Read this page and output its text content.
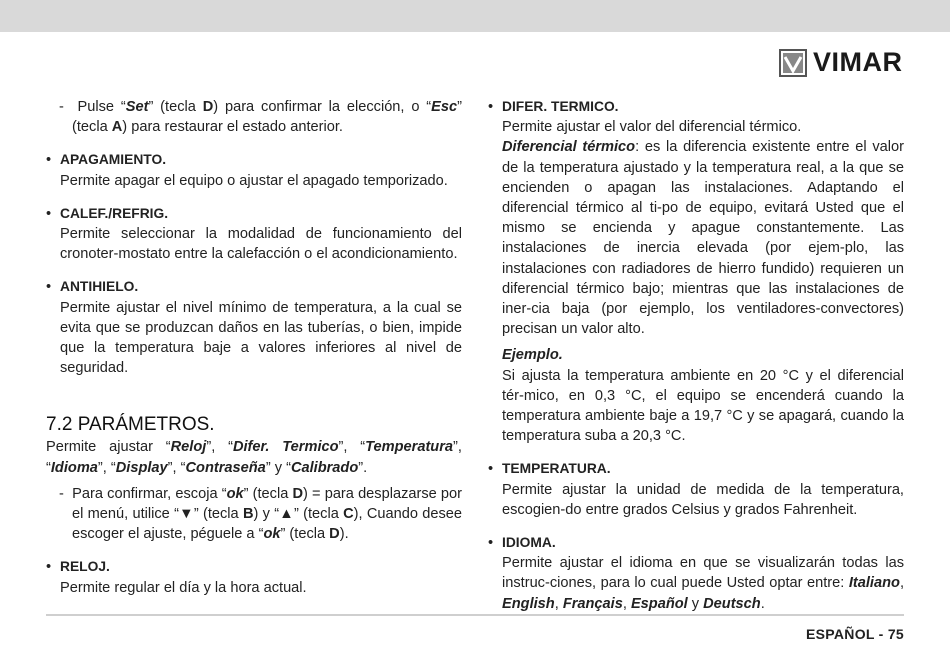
VIMAR

-  Pulse “Set” (tecla D) para confirmar la elección, o “Esc” (tecla A) para restaurar el estado anterior.

• APAGAMIENTO.

Permite apagar el equipo o ajustar el apagado temporizado.

• CALEF./REFRIG.

Permite seleccionar la modalidad de funcionamiento del cronoter-mostato entre la calefacción o el acondicionamiento.

• ANTIHIELO.

Permite ajustar el nivel mínimo de temperatura, a la cual se evita que se produzcan daños en las tuberías, o bien, impide que la temperatura baje a valores inferiores al nivel de seguridad.

7.2 PARÁMETROS.

Permite ajustar “Reloj”, “Difer. Termico”, “Temperatura”, “Idioma”, “Display”, “Contraseña” y “Calibrado”.

-  Para confirmar, escoja “ok” (tecla D) = para desplazarse por el menú, utilice “▼” (tecla B) y “▲” (tecla C), Cuando desee escoger el ajuste, péguele a “ok” (tecla D).

• RELOJ.

Permite regular el día y la hora actual.

• DIFER. TERMICO.

Permite ajustar el valor del diferencial térmico.

Diferencial térmico: es la diferencia existente entre el valor de la temperatura ajustado y la temperatura real, a la que se encienden o apagan las instalaciones. Adaptando el diferencial térmico al ti-po de equipo, evitará Usted que el mismo se encienda y apague constantemente. Las instalaciones de inercia elevada (por ejem-plo, las instalaciones con radiadores de hierro fundido) requieren un diferencial térmico bajo; mientras que las instalaciones de iner-cia baja (por ejemplo, los ventiladores-convectores) precisan un valor alto.

Ejemplo.

Si ajusta la temperatura ambiente en 20 °C y el diferencial tér-mico, en 0,3 °C, el equipo se encenderá cuando la temperatura ambiente baje a 19,7 °C y se apagará, cuando la temperatura suba a 20,3 °C.

• TEMPERATURA.

Permite ajustar la unidad de medida de la temperatura, escogien-do entre grados Celsius y grados Fahrenheit.

• IDIOMA.

Permite ajustar el idioma en que se visualizarán todas las instruc-ciones, para lo cual puede Usted optar entre: Italiano, English, Français, Español y Deutsch.

ESPAÑOL - 75
